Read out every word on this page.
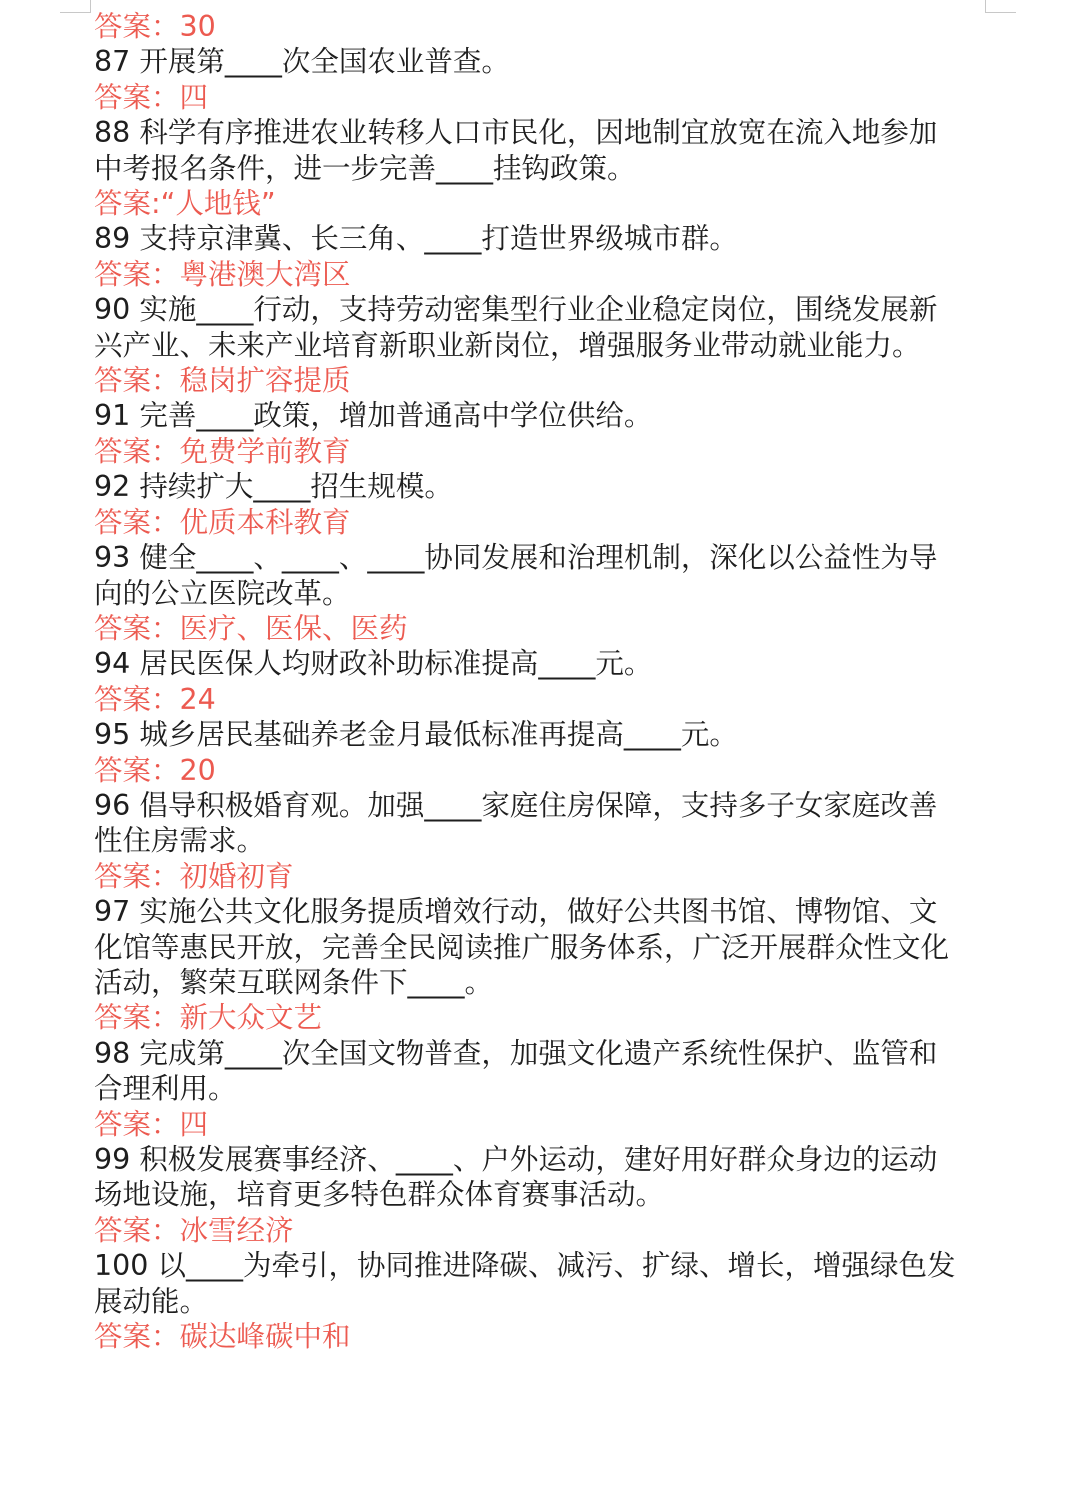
答案：30
87 开展第____次全国农业普查。
答案：四
88 科学有序推进农业转移人口市民化，因地制宜放宽在流入地参加
中考报名条件，进一步完善____挂钩政策。
答案:“人地钱”
89 支持京津冀、长三角、____打造世界级城市群。
答案：粤港澳大湾区
90 实施____行动，支持劳动密集型行业企业稳定岗位，围绕发展新
兴产业、未来产业培育新职业新岗位，增强服务业带动就业能力。
答案：稳岗扩容提质
91 完善____政策，增加普通高中学位供给。
答案：免费学前教育
92 持续扩大____招生规模。
答案：优质本科教育
93 健全____、____、____协同发展和治理机制，深化以公益性为导
向的公立医院改革。
答案：医疗、医保、医药
94 居民医保人均财政补助标准提高____元。
答案：24
95 城乡居民基础养老金月最低标准再提高____元。
答案：20
96 倡导积极婚育观。加强____家庭住房保障，支持多子女家庭改善
性住房需求。
答案：初婚初育
97 实施公共文化服务提质增效行动，做好公共图书馆、博物馆、文
化馆等惠民开放，完善全民阅读推广服务体系，广泛开展群众性文化
活动，繁荣互联网条件下____。
答案：新大众文艺
98 完成第____次全国文物普查，加强文化遗产系统性保护、监管和
合理利用。
答案：四
99 积极发展赛事经济、____、户外运动，建好用好群众身边的运动
场地设施，培育更多特色群众体育赛事活动。
答案：冰雪经济
100 以____为牵引，协同推进降碳、减污、扩绿、增长，增强绿色发
展动能。
答案：碳达峰碳中和
